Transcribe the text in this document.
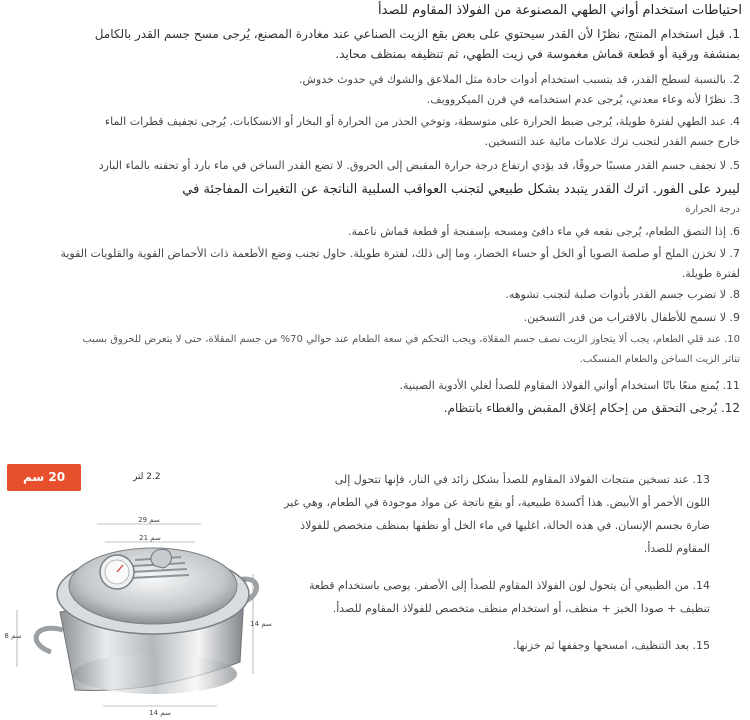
احتياطات استخدام أواني الطهي المصنوعة من الفولاذ المقاوم للصدأ
1. قبل استخدام المنتج، نظرًا لأن القدر سيحتوي على بعض بقع الزيت الصناعي عند مغادرة المصنع، يُرجى مسح جسم القدر بالكامل
بمنشفة ورقية أو قطعة قماش مغموسة في زيت الطهي، ثم تنظيفه بمنظف محايد.
2. بالنسبة لسطح القدر، قد يتسبب استخدام أدوات حادة مثل الملاعق والشوك في حدوث خدوش.
3. نظرًا لأنه وعاء معدني، يُرجى عدم استخدامه في فرن الميكروويف.
4. عند الطهي لفترة طويلة، يُرجى ضبط الحرارة على متوسطة، وتوخي الحذر من الحرارة أو البخار أو الانسكابات. يُرجى تجفيف قطرات الماء
خارج جسم القدر لتجنب ترك علامات مائية عند التسخين.
5. لا تجفف جسم القدر مسببًا حروقًا، قد يؤدي ارتفاع درجة حرارة المقبض إلى الحروق. لا تضع القدر الساخن في ماء بارد أو تحقنه بالماء البارد
ليبرد على الفور. اترك القدر يتبدد بشكل طبيعي لتجنب العواقب السلبية الناتجة عن التغيرات المفاجئة في
درجة الحرارة
6. إذا التصق الطعام، يُرجى نقعه في ماء دافئ ومسحه بإسفنجة أو قطعة قماش ناعمة.
7. لا تخزن الملح أو صلصة الصويا أو الخل أو حساء الخضار، وما إلى ذلك، لفترة طويلة. حاول تجنب وضع الأطعمة ذات الأحماض القوية والقلويات القوية
لفترة طويلة.
8. لا تضرب جسم القدر بأدوات صلبة لتجنب تشوهه.
9. لا تسمح للأطفال بالاقتراب من قدر التسخين.
10. عند قلي الطعام، يجب ألا يتجاوز الزيت نصف جسم المقلاة، ويجب التحكم في سعة الطعام عند حوالي 70% من جسم المقلاة، حتى لا يتعرض للحروق بسبب
تناثر الزيت الساخن والطعام المنسكب.
11. يُمنع منعًا باتًا استخدام أواني الفولاذ المقاوم للصدأ لغلي الأدوية الصينية.
12. يُرجى التحقق من إحكام إغلاق المقبض والغطاء بانتظام.
13. عند تسخين منتجات الفولاذ المقاوم للصدأ بشكل زائد في النار، فإنها تتحول إلى
اللون الأحمر أو الأبيض. هذا أكسدة طبيعية، أو بقع ناتجة عن مواد موجودة في الطعام، وهي غير
ضارة بجسم الإنسان. في هذه الحالة، اغليها في ماء الخل أو نظفها بمنظف متخصص للفولاذ
المقاوم للصدأ.
14. من الطبيعي أن يتحول لون الفولاذ المقاوم للصدأ إلى الأصفر. يوصى باستخدام قطعة
تنظيف + صودا الخبز + منظف، أو استخدام منظف متخصص للفولاذ المقاوم للصدأ.
15. بعد التنظيف، امسحها وجففها ثم خزنها.
29 سم
21 سم
14 سم
8 سم
14 سم
20 سم	2.2 لتر
